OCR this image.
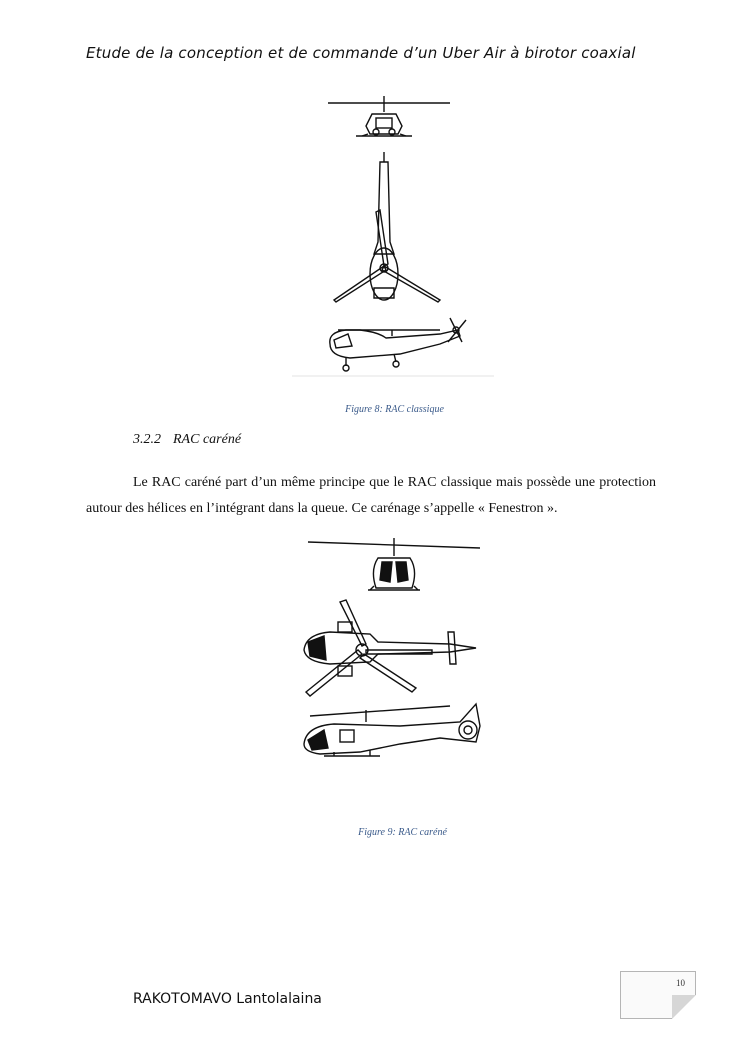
Etude de la conception et de commande d’un Uber Air à birotor coaxial
Figure 8: RAC classique
3.2.2 RAC caréné

Le RAC caréné part d’un même principe que le RAC classique mais possède une protection autour des hélices en l’intégrant dans la queue. Ce carénage s’appelle « Fenestron ».

Figure 9: RAC caréné
10
RAKOTOMAVO Lantolalaina
